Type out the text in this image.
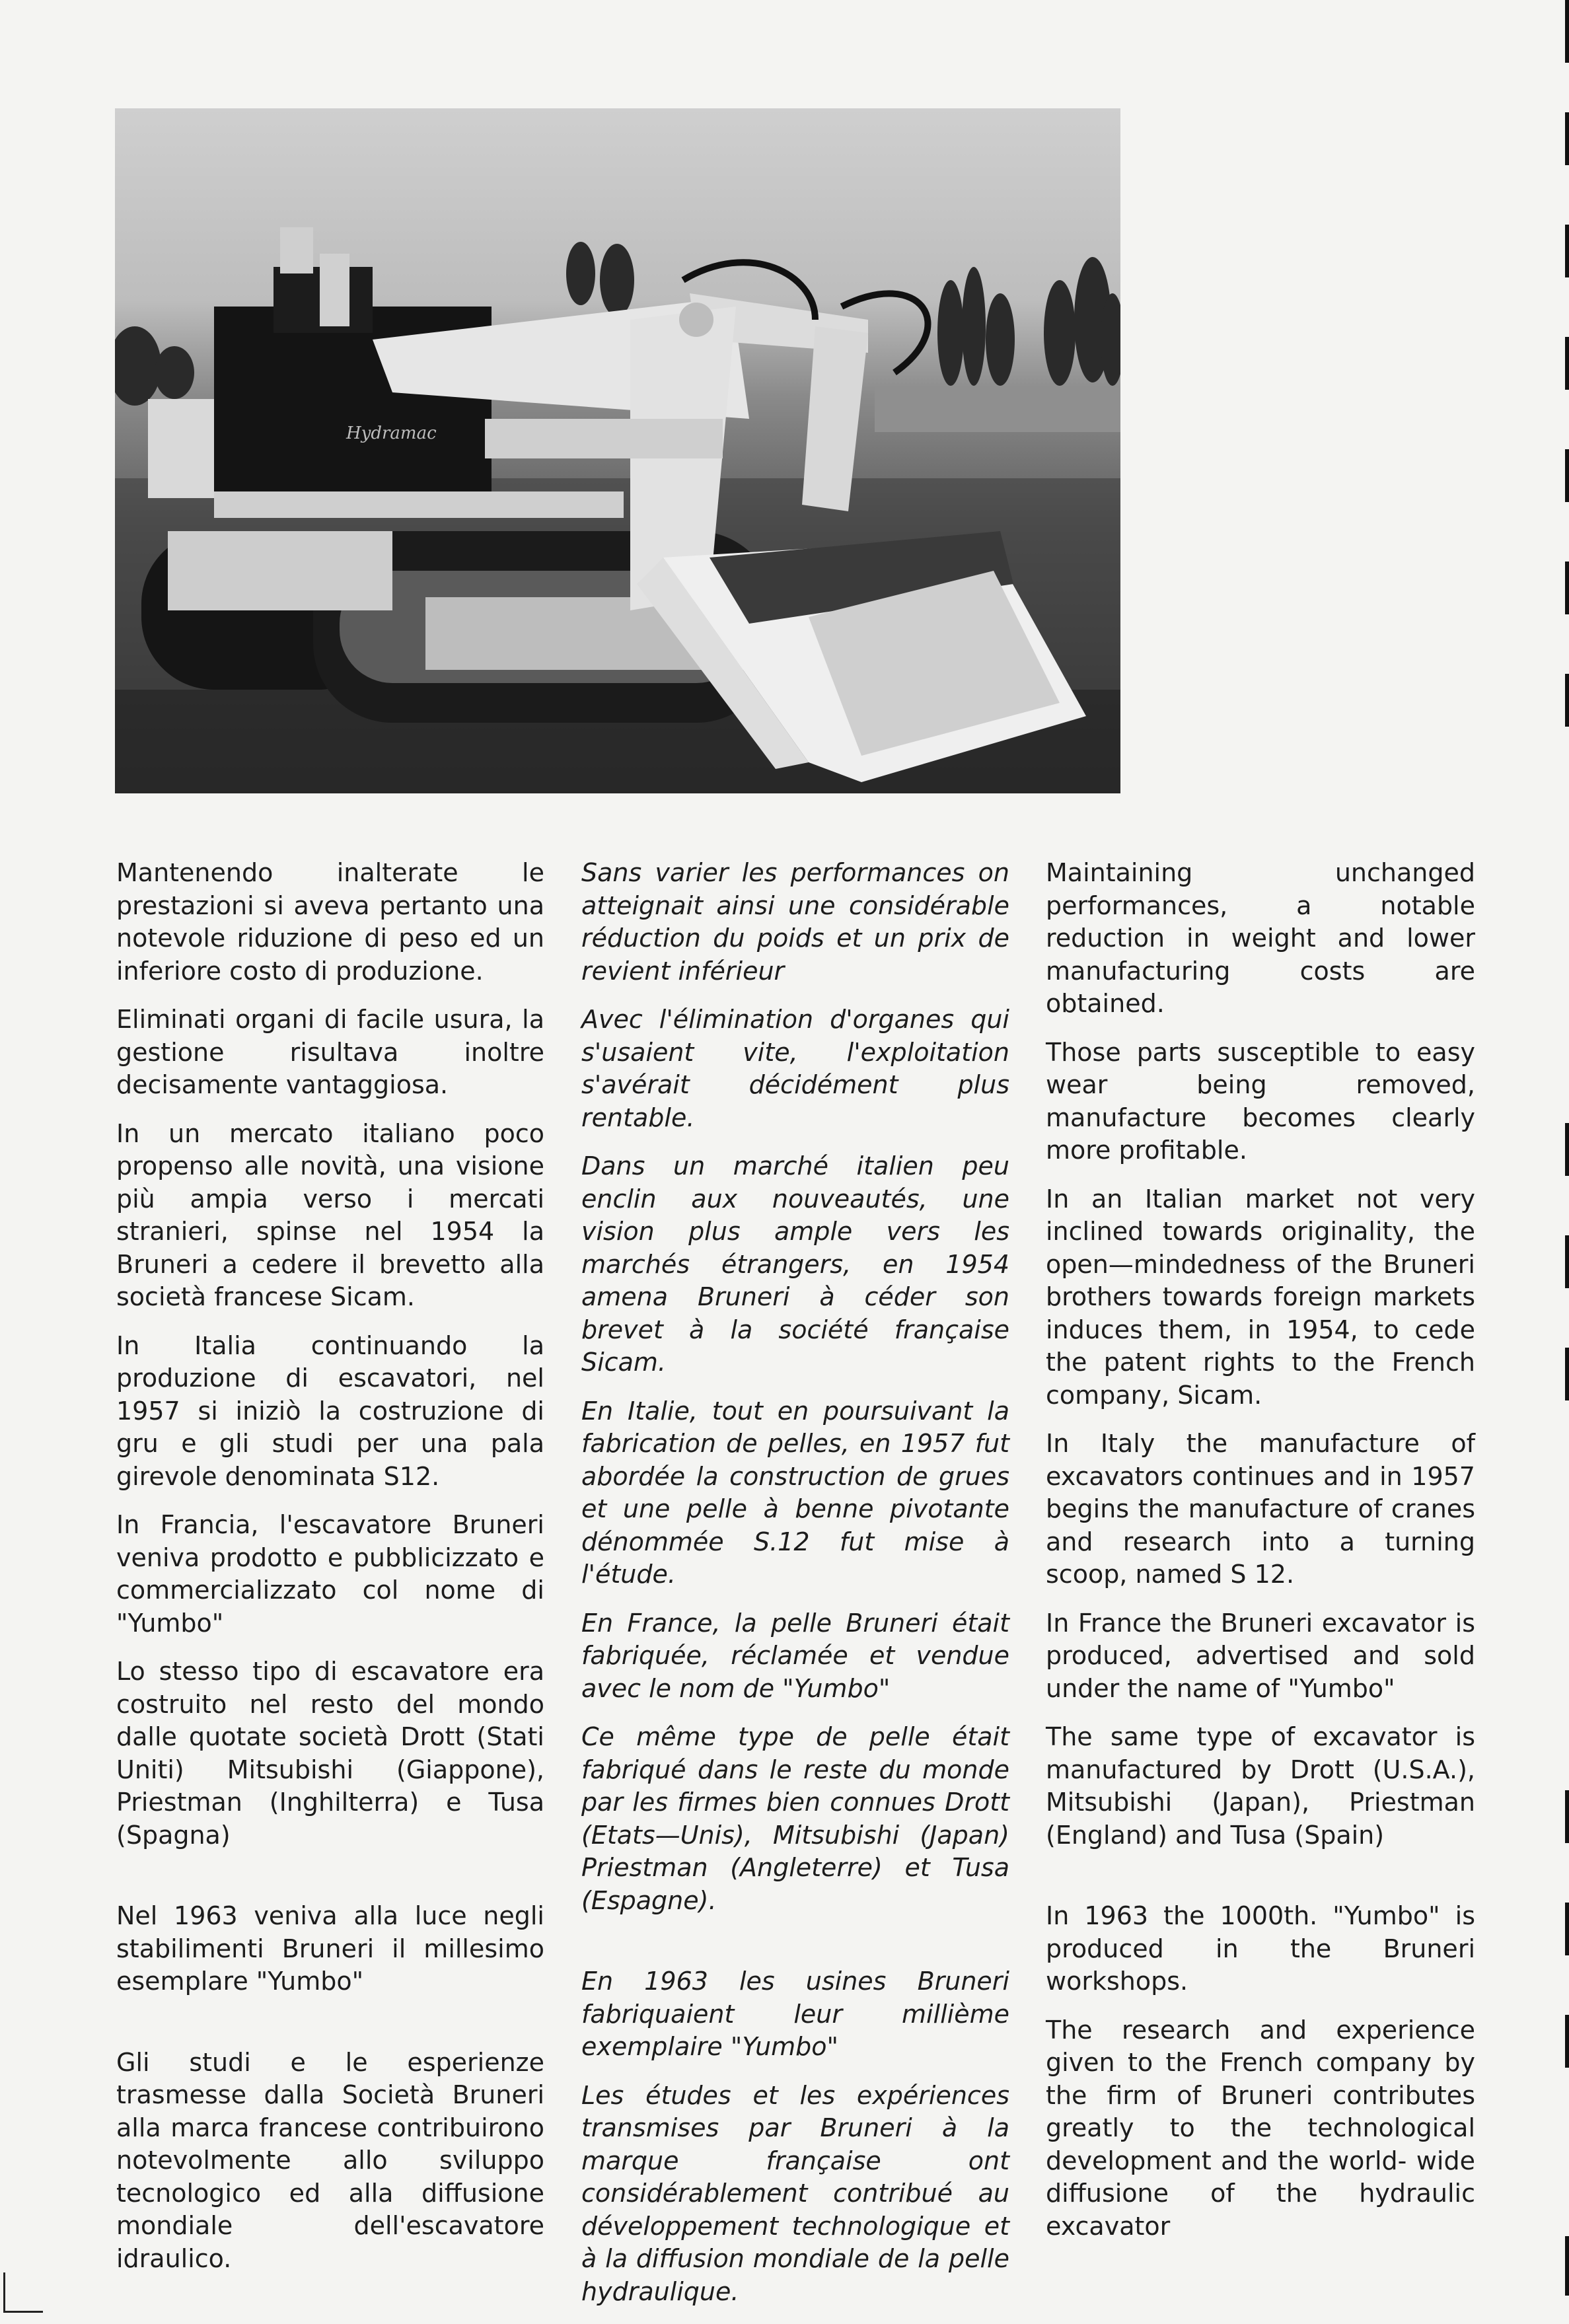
Hydramac

Mantenendo inalterate le prestazioni si aveva pertanto una notevole riduzione di peso ed un inferiore costo di produzione.

Eliminati organi di facile usura, la gestione risultava inoltre decisamente vantaggiosa.

In un mercato italiano poco propenso alle novità, una visione più ampia verso i mercati stranieri, spinse nel 1954 la Bruneri a cedere il brevetto alla società francese Sicam.

In Italia continuando la produzione di escavatori, nel 1957 si iniziò la costruzione di gru e gli studi per una pala girevole denominata S12.

In Francia, l'escavatore Bruneri veniva prodotto e pubblicizzato e commercializzato col nome di "Yumbo"

Lo stesso tipo di escavatore era costruito nel resto del mondo dalle quotate società Drott (Stati Uniti) Mitsubishi (Giappone), Priestman (Inghilterra) e Tusa (Spagna)

Nel 1963 veniva alla luce negli stabilimenti Bruneri il millesimo esemplare "Yumbo"

Gli studi e le esperienze trasmesse dalla Società Bruneri alla marca francese contribuirono notevolmente allo sviluppo tecnologico ed alla diffusione mondiale dell'escavatore idraulico.

Sans varier les performances on atteignait ainsi une considérable réduction du poids et un prix de revient inférieur

Avec l'élimination d'organes qui s'usaient vite, l'exploitation s'avérait décidément plus rentable.

Dans un marché italien peu enclin aux nouveautés, une vision plus ample vers les marchés étrangers, en 1954 amena Bruneri à céder son brevet à la société française Sicam.

En Italie, tout en poursuivant la fabrication de pelles, en 1957 fut abordée la construction de grues et une pelle à benne pivotante dénommée S.12 fut mise à l'étude.

En France, la pelle Bruneri était fabriquée, réclamée et vendue avec le nom de "Yumbo"

Ce même type de pelle était fabriqué dans le reste du monde par les firmes bien connues Drott (Etats—Unis), Mitsubishi (Japan) Priestman (Angleterre) et Tusa (Espagne).

En 1963 les usines Bruneri fabriquaient leur millième exemplaire "Yumbo"

Les études et les expériences transmises par Bruneri à la marque française ont considérablement contribué au développement technologique et à la diffusion mondiale de la pelle hydraulique.

Maintaining unchanged performances, a notable reduction in weight and lower manufacturing costs are obtained.

Those parts susceptible to easy wear being removed, manufacture becomes clearly more profitable.

In an Italian market not very inclined towards originality, the open—mindedness of the Bruneri brothers towards foreign markets induces them, in 1954, to cede the patent rights to the French company, Sicam.

In Italy the manufacture of excavators continues and in 1957 begins the manufacture of cranes and research into a turning scoop, named S 12.

In France the Bruneri excavator is produced, advertised and sold under the name of "Yumbo"

The same type of excavator is manufactured by Drott (U.S.A.), Mitsubishi (Japan), Priestman (England) and Tusa (Spain)

In 1963 the 1000th. "Yumbo" is produced in the Bruneri workshops.

The research and experience given to the French company by the firm of Bruneri contributes greatly to the technological development and the world- wide diffusione of the hydraulic excavator
